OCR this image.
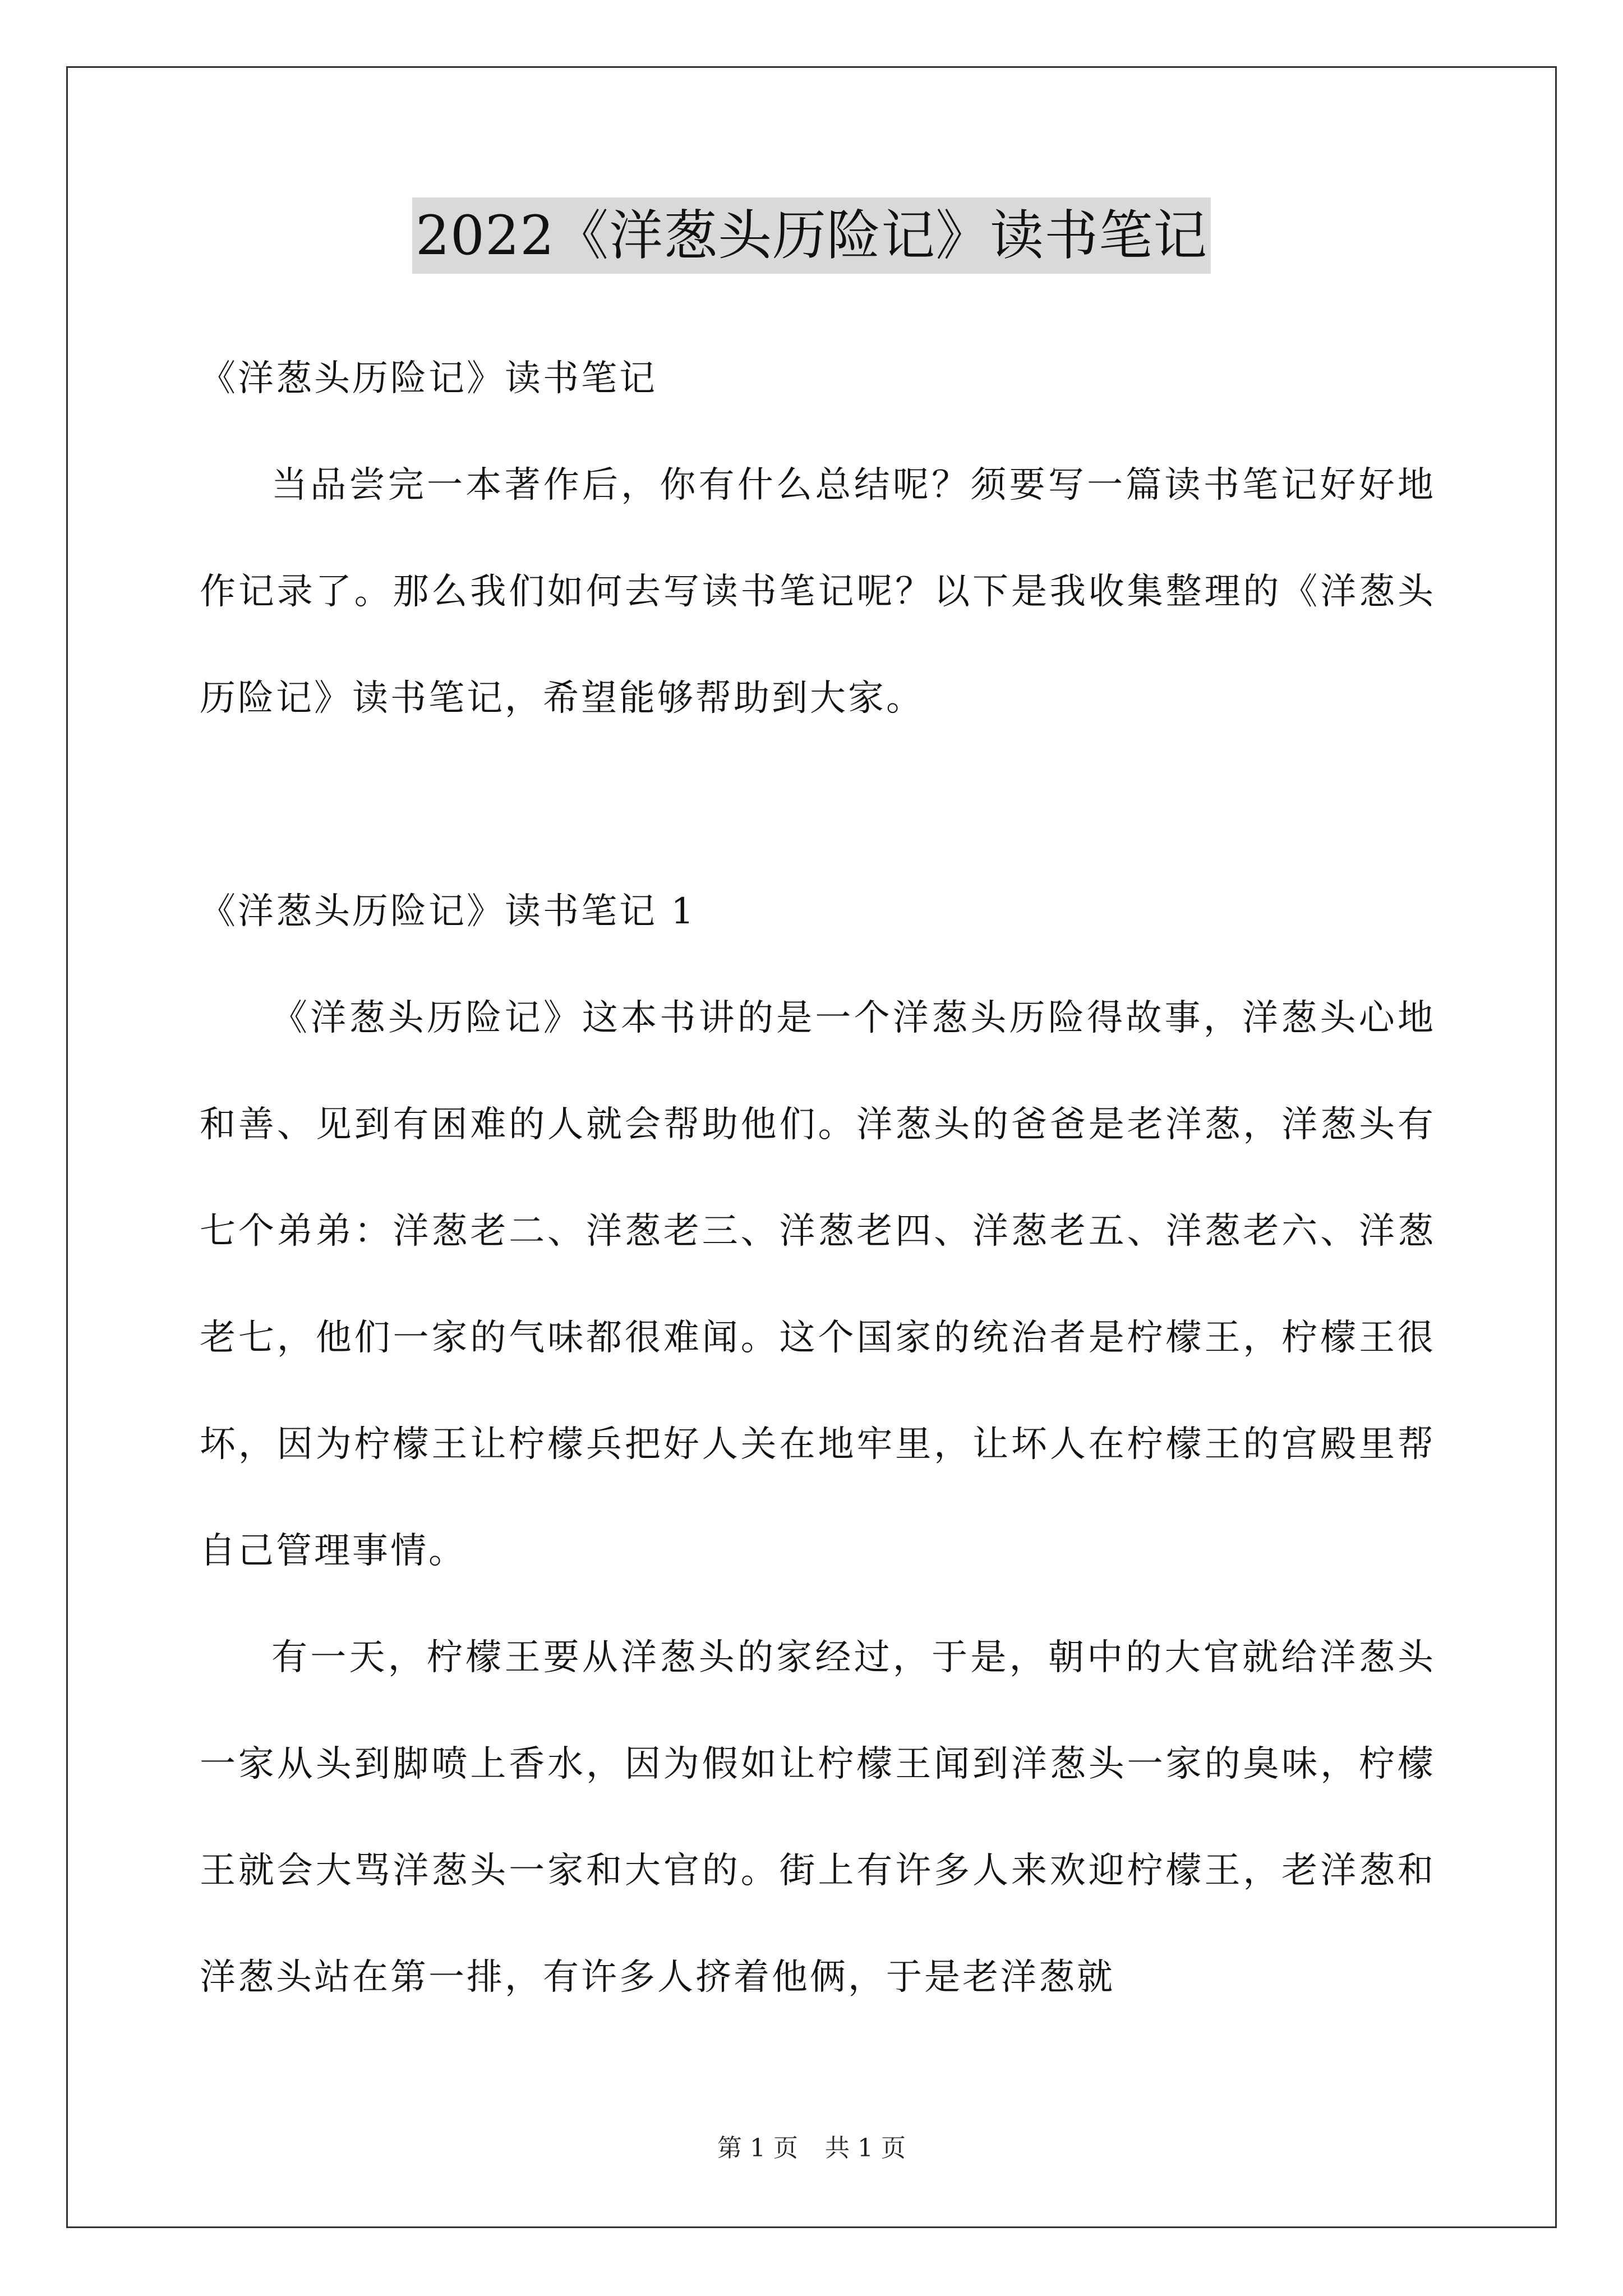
2022《洋葱头历险记》读书笔记

《洋葱头历险记》读书笔记

当品尝完一本著作后，你有什么总结呢？须要写一篇读书笔记好好地作记录了。那么我们如何去写读书笔记呢？以下是我收集整理的《洋葱头历险记》读书笔记，希望能够帮助到大家。

《洋葱头历险记》读书笔记 1

《洋葱头历险记》这本书讲的是一个洋葱头历险得故事，洋葱头心地和善、见到有困难的人就会帮助他们。洋葱头的爸爸是老洋葱，洋葱头有七个弟弟：洋葱老二、洋葱老三、洋葱老四、洋葱老五、洋葱老六、洋葱老七，他们一家的气味都很难闻。这个国家的统治者是柠檬王，柠檬王很坏，因为柠檬王让柠檬兵把好人关在地牢里，让坏人在柠檬王的宫殿里帮自己管理事情。

有一天，柠檬王要从洋葱头的家经过，于是，朝中的大官就给洋葱头一家从头到脚喷上香水，因为假如让柠檬王闻到洋葱头一家的臭味，柠檬王就会大骂洋葱头一家和大官的。街上有许多人来欢迎柠檬王，老洋葱和洋葱头站在第一排，有许多人挤着他俩，于是老洋葱就

第 1 页 共 1 页
